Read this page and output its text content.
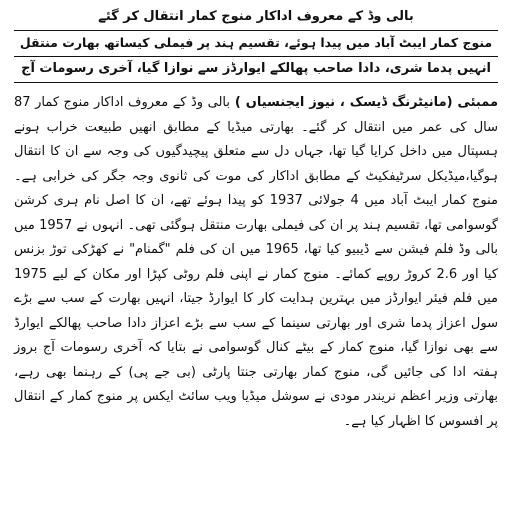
بالی وڈ کے معروف اداکار منوج کمار انتقال کر گئے
منوج کمار ایبٹ آباد میں پیدا ہوئے، تقسیم ہند پر فیملی کیساتھ بھارت منتقل
انہیں پدما شری، دادا صاحب پھالکے ایوارڈز سے نوازا گیا، آخری رسومات آج

ممبئی (مانیٹرنگ ڈیسک ، نیوز ایجنسیاں ) بالی وڈ کے معروف اداکار منوج کمار 87 سال کی عمر میں انتقال کر گئے۔ بھارتی میڈیا کے مطابق انھیں طبیعت خراب ہونے ہسپتال میں داخل کرایا گیا تھا، جہاں دل سے متعلق پیچیدگیوں کی وجہ سے ان کا انتقال ہوگیا،میڈیکل سرٹیفکیٹ کے مطابق اداکار کی موت کی ثانوی وجہ جگر کی خرابی ہے۔منوج کمار ایبٹ آباد میں 4 جولائی 1937 کو پیدا ہوئے تھے، ان کا اصل نام ہری کرشن گوسوامی تھا، تقسیم ہند پر ان کی فیملی بھارت منتقل ہوگئی تھی۔ انہوں نے 1957 میں بالی وڈ فلم فیشن سے ڈیبیو کیا تھا، 1965 میں ان کی فلم "گمنام" نے کھڑکی توڑ بزنس کیا اور 2.6 کروڑ روپے کمائے۔ منوج کمار نے اپنی فلم روٹی کپڑا اور مکان کے لیے 1975 میں فلم فیئر ایوارڈز میں بہترین ہدایت کار کا ایوارڈ جیتا، انہیں بھارت کے سب سے بڑے سول اعزاز پدما شری اور بھارتی سینما کے سب سے بڑے اعزاز دادا صاحب پھالکے ایوارڈ سے بھی نوازا گیا، منوج کمار کے بیٹے کنال گوسوامی نے بتایا کہ آخری رسومات آج بروز ہفتہ ادا کی جائیں گی، منوج کمار بھارتی جنتا پارٹی (بی جے پی) کے رہنما بھی رہے، بھارتی وزیر اعظم نریندر مودی نے سوشل میڈیا ویب سائٹ ایکس پر منوج کمار کے انتقال پر افسوس کا اظہار کیا ہے۔
